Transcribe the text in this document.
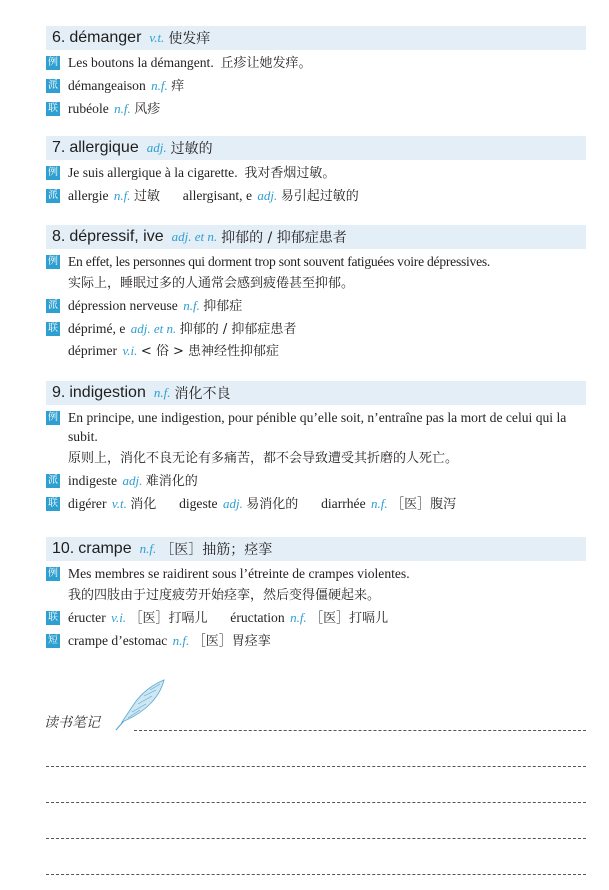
6.
démanger v.t. 使发痒
例 Les boutons la démangent. 丘疹让她发痒。
派 démangeaison n.f. 痒
联 rubéole n.f. 风疹
7.
allergique adj. 过敏的
例 Je suis allergique à la cigarette. 我对香烟过敏。
派 allergie n.f. 过敏 allergisant, e adj. 易引起过敏的
8.
dépressif, ive adj. et n. 抑郁的 / 抑郁症患者
例 En effet, les personnes qui dorment trop sont souvent fatiguées voire dépressives.
实际上，睡眠过多的人通常会感到疲倦甚至抑郁。
派 dépression nerveuse n.f. 抑郁症
联 déprimé, e adj. et n. 抑郁的 / 抑郁症患者
déprimer v.i. < 俗 > 患神经性抑郁症
9.
indigestion n.f. 消化不良
例 En principe, une indigestion, pour pénible qu’elle soit, n’entraîne pas la mort de celui qui la subit.
原则上，消化不良无论有多痛苦，都不会导致遭受其折磨的人死亡。
派 indigeste adj. 难消化的
联 digérer v.t. 消化 digeste adj. 易消化的 diarrhée n.f. ［医］腹泻
10.
crampe n.f. ［医］抽筋；痉挛
例 Mes membres se raidirent sous l’étreinte de crampes violentes.
我的四肢由于过度疲劳开始痉挛，然后变得僵硬起来。
联 éructer v.i. ［医］打嗝儿 éructation n.f. ［医］打嗝儿
短 crampe d’estomac n.f. ［医］胃痉挛
读书笔记
